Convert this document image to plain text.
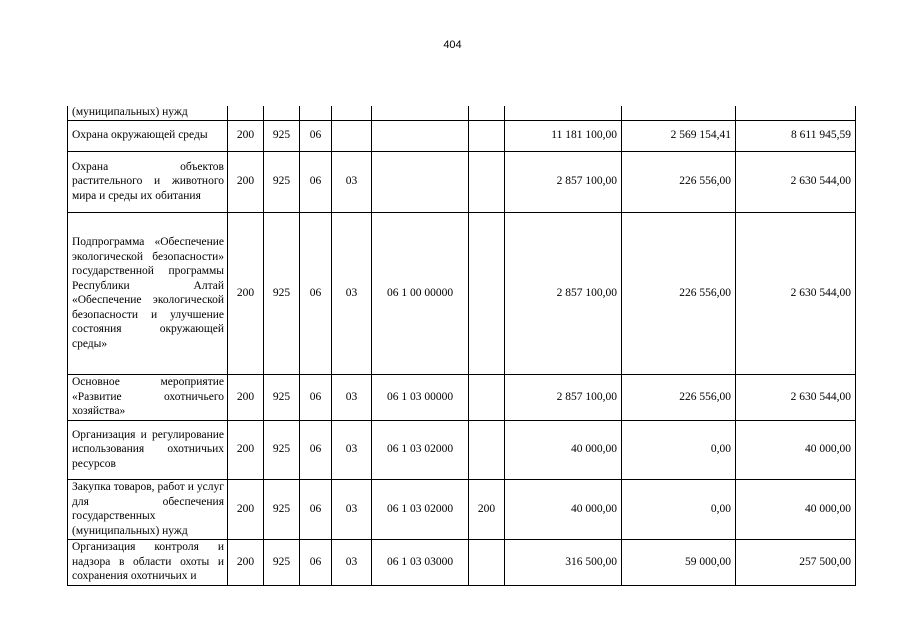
404
(муниципальных) нужд									
Охрана окружающей среды	200	925	06				11 181 100,00	2 569 154,41	8 611 945,59
Охрана объектов растительного и животного мира и среды их обитания	200	925	06	03			2 857 100,00	226 556,00	2 630 544,00
Подпрограмма «Обеспечение экологической безопасности» государственной программы Республики Алтай «Обеспечение экологической безопасности и улучшение состояния окружающей среды»	200	925	06	03	06 1 00 00000		2 857 100,00	226 556,00	2 630 544,00
Основное мероприятие «Развитие охотничьего хозяйства»	200	925	06	03	06 1 03 00000		2 857 100,00	226 556,00	2 630 544,00
Организация и регулирование использования охотничьих ресурсов	200	925	06	03	06 1 03 02000		40 000,00	0,00	40 000,00
Закупка товаров, работ и услуг для обеспечения государственных (муниципальных) нужд	200	925	06	03	06 1 03 02000	200	40 000,00	0,00	40 000,00
Организация контроля и надзора в области охоты и сохранения охотничьих и	200	925	06	03	06 1 03 03000		316 500,00	59 000,00	257 500,00
